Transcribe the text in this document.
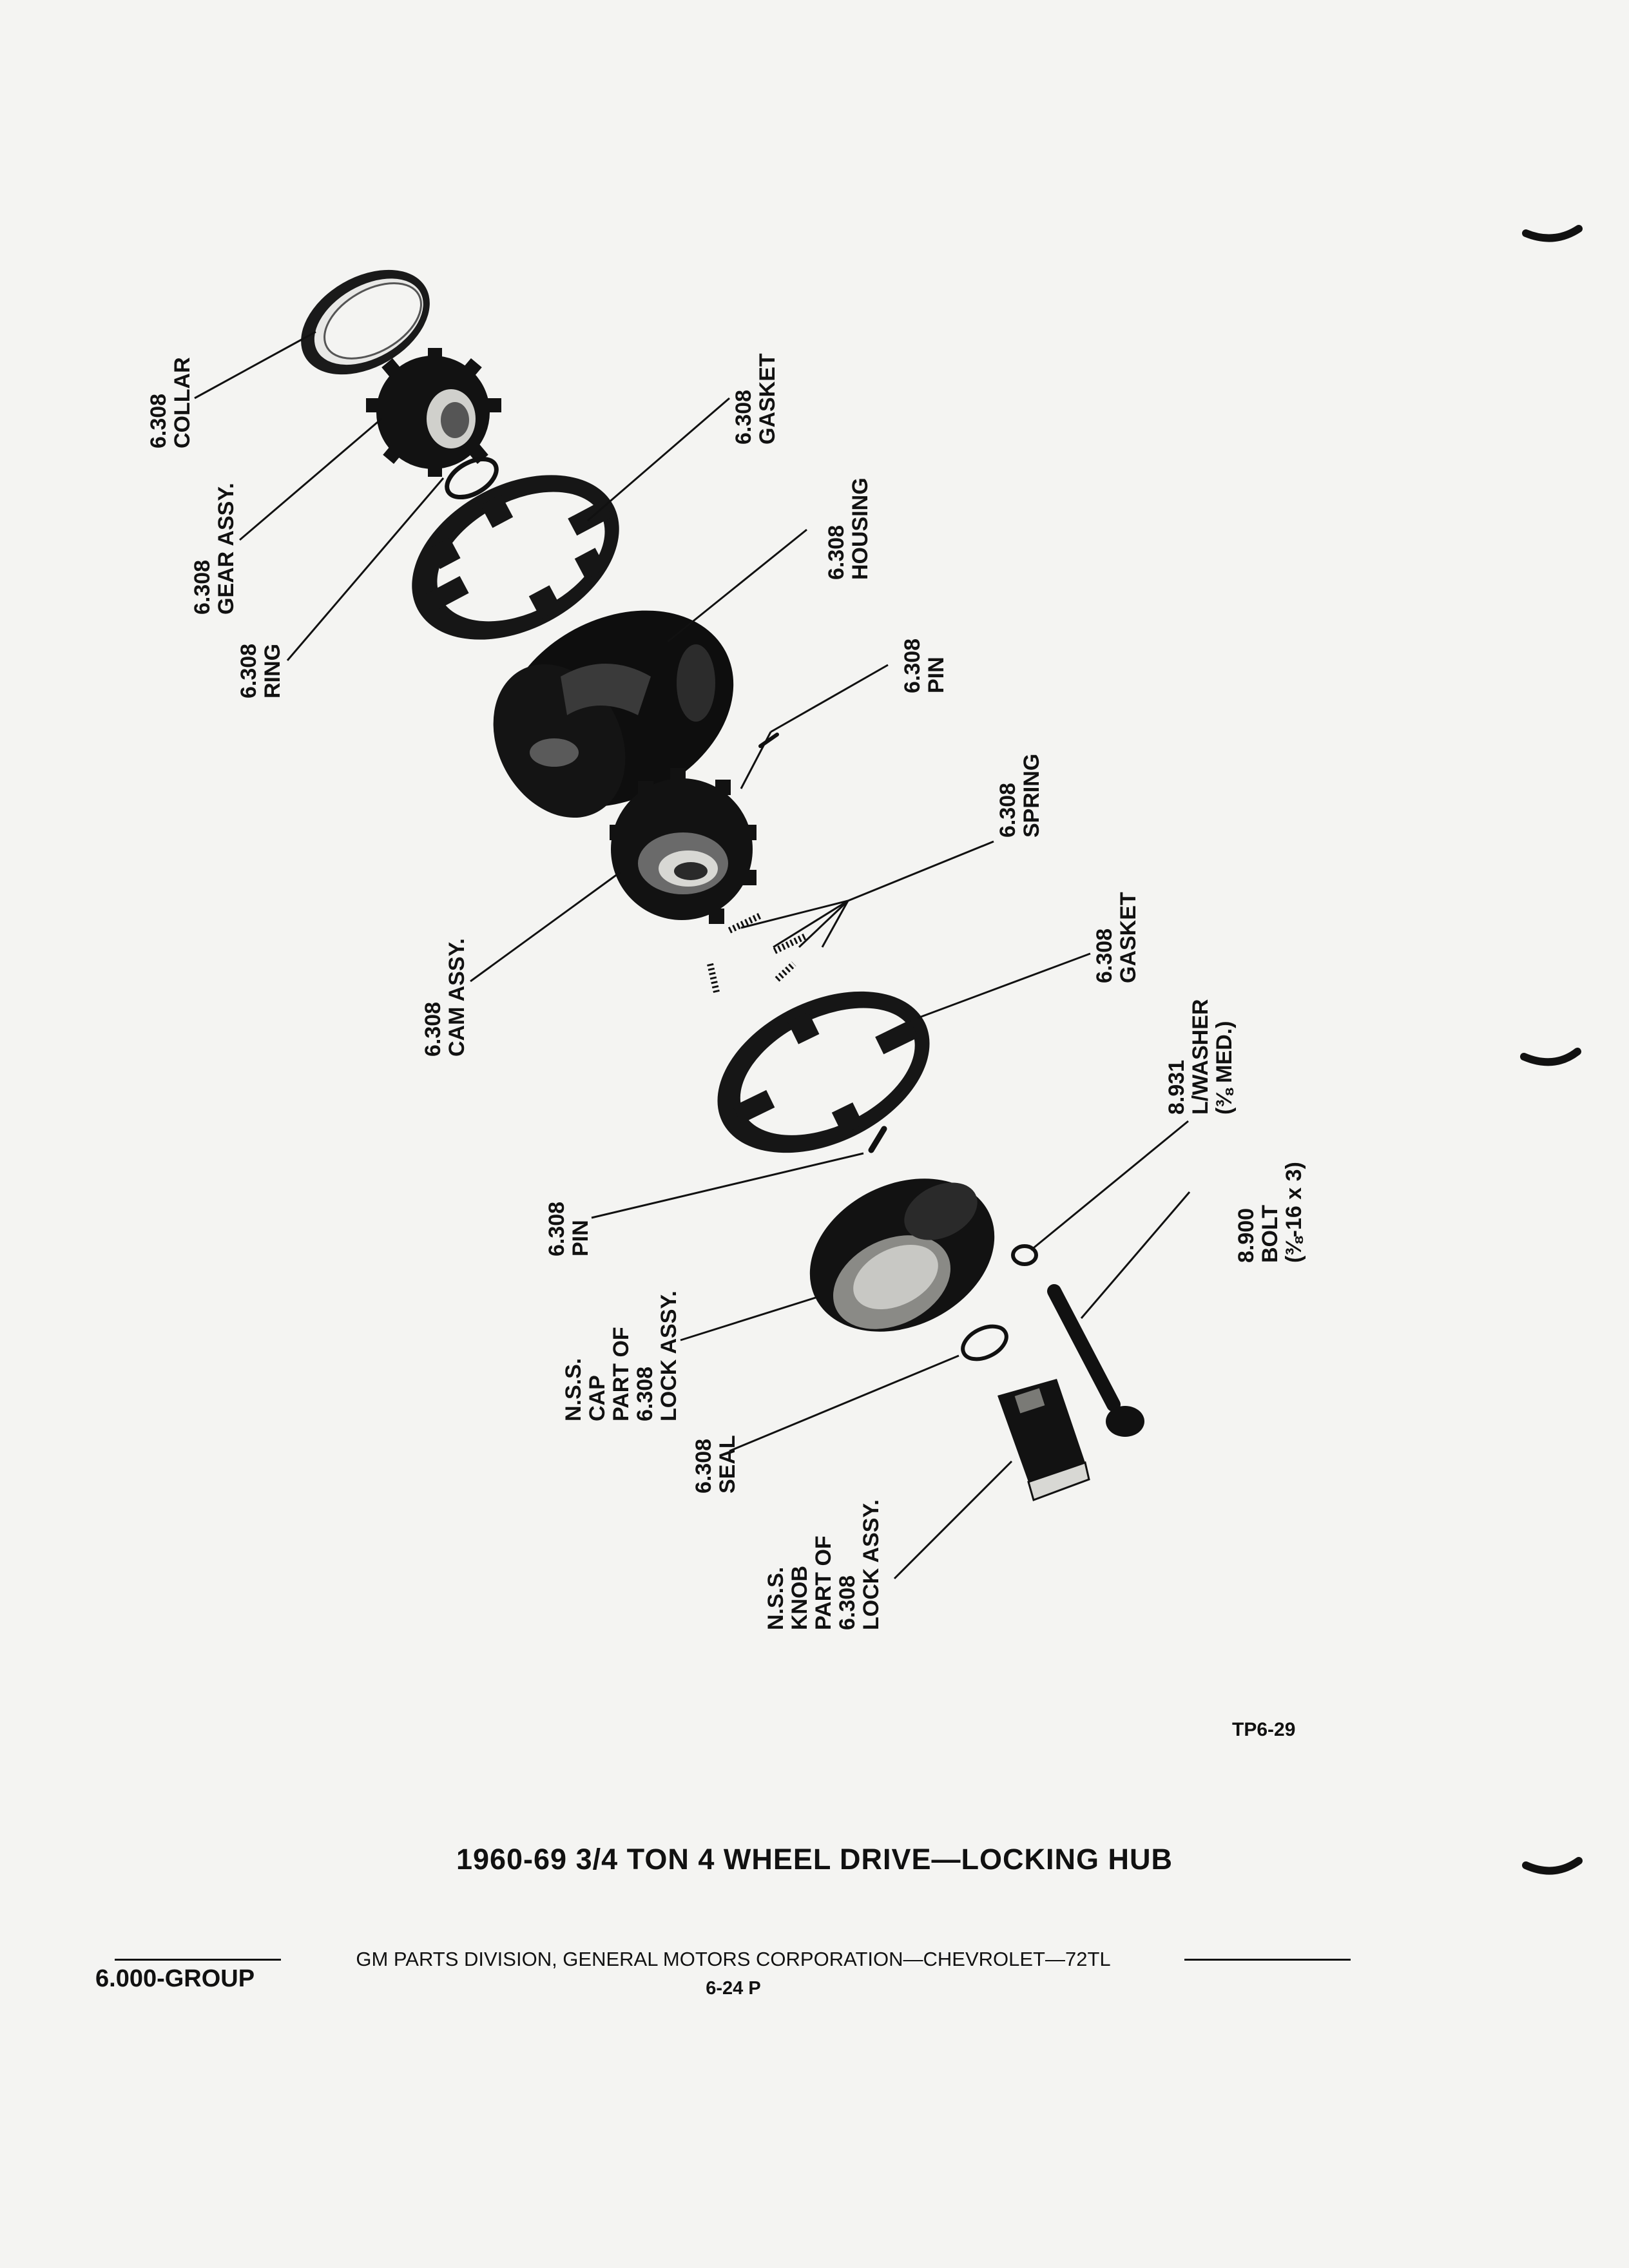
6.308 COLLAR
6.308 GEAR ASSY.
6.308 RING
6.308 GASKET
6.308 HOUSING
6.308 PIN
6.308 SPRING
6.308 CAM ASSY.	6.308 GASKET
8.931 L/WASHER (⅜ MED.)
6.308 PIN	8.900 BOLT (⅜-16 x 3)
N.S.S. CAP PART OF 6.308 LOCK ASSY.
6.308 SEAL
N.S.S. KNOB PART OF 6.308 LOCK ASSY.
TP6-29
1960-69 3/4 TON 4 WHEEL DRIVE—LOCKING HUB
GM PARTS DIVISION, GENERAL MOTORS CORPORATION—CHEVROLET—72TL
6-24 P
6.000-GROUP
